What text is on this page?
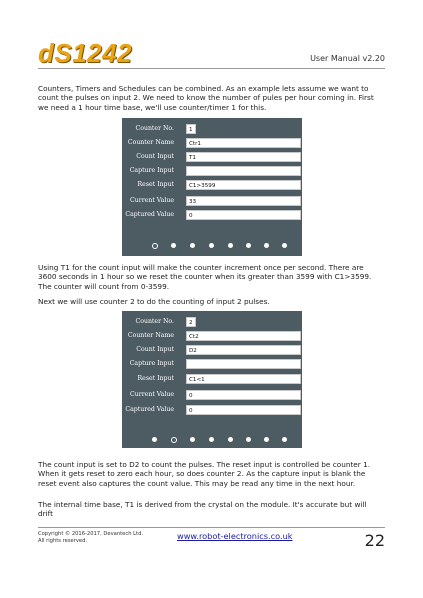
dS1242	User Manual v2.20

Counters, Timers and Schedules can be combined. As an example lets assume we want to count the pulses on input 2. We need to know the number of pules per hour coming in. First we need a 1 hour time base, we'll use counter/timer 1 for this.

Counter No.	1
Counter Name	Ctr1
Count Input	T1
Capture Input
Reset Input	C1>3599
Current Value	33
Captured Value	0

Using T1 for the count input will make the counter increment once per second. There are 3600 seconds in 1 hour so we reset the counter when its greater than 3599 with C1>3599. The counter will count from 0-3599.

Next we will use counter 2 to do the counting of input 2 pulses.

Counter No.	2
Counter Name	Ct2
Count Input	D2
Capture Input
Reset Input	C1<1
Current Value	0
Captured Value	0

The count input is set to D2 to count the pulses. The reset input is controlled be counter 1. When it gets reset to zero each hour, so does counter 2. As the capture input is blank the reset event also captures the count value. This may be read any time in the next hour.

The internal time base, T1 is derived from the crystal on the module. It's accurate but will drift

Copyright © 2016-2017, Devantech Ltd.
All rights reserved.	www.robot-electronics.co.uk	22
